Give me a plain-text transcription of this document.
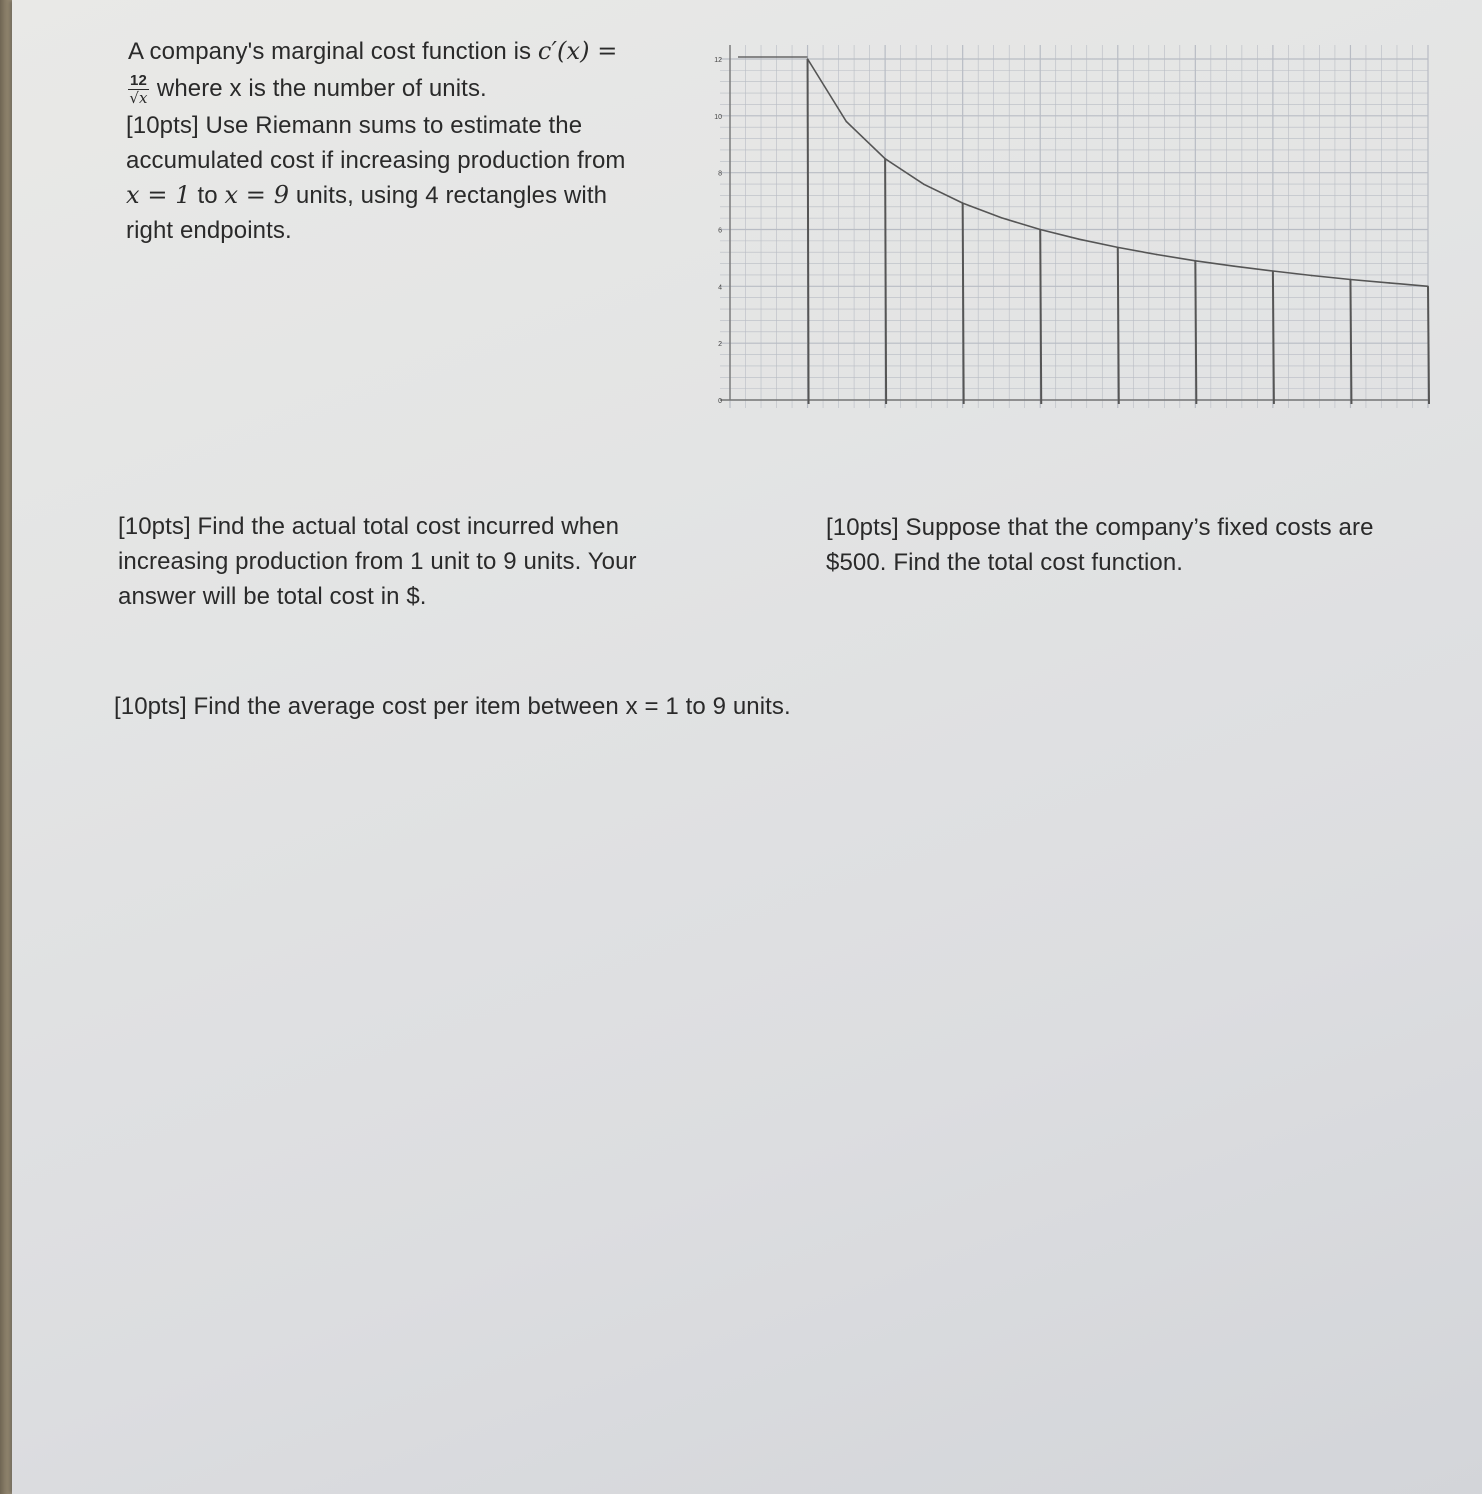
A company's marginal cost function is c′(x) =
$\frac{12}{√x}$ where x is the number of units.
[10pts] Use Riemann sums to estimate the
accumulated cost if increasing production from
x = 1 to x = 9 units, using 4 rectangles with
right endpoints.
0
2
4
6
8
10
12
[10pts] Find the actual total cost incurred when
increasing production from 1 unit to 9 units. Your
answer will be total cost in $.
[10pts] Suppose that the company’s fixed costs are
$500. Find the total cost function.
[10pts] Find the average cost per item between x = 1 to 9 units.
